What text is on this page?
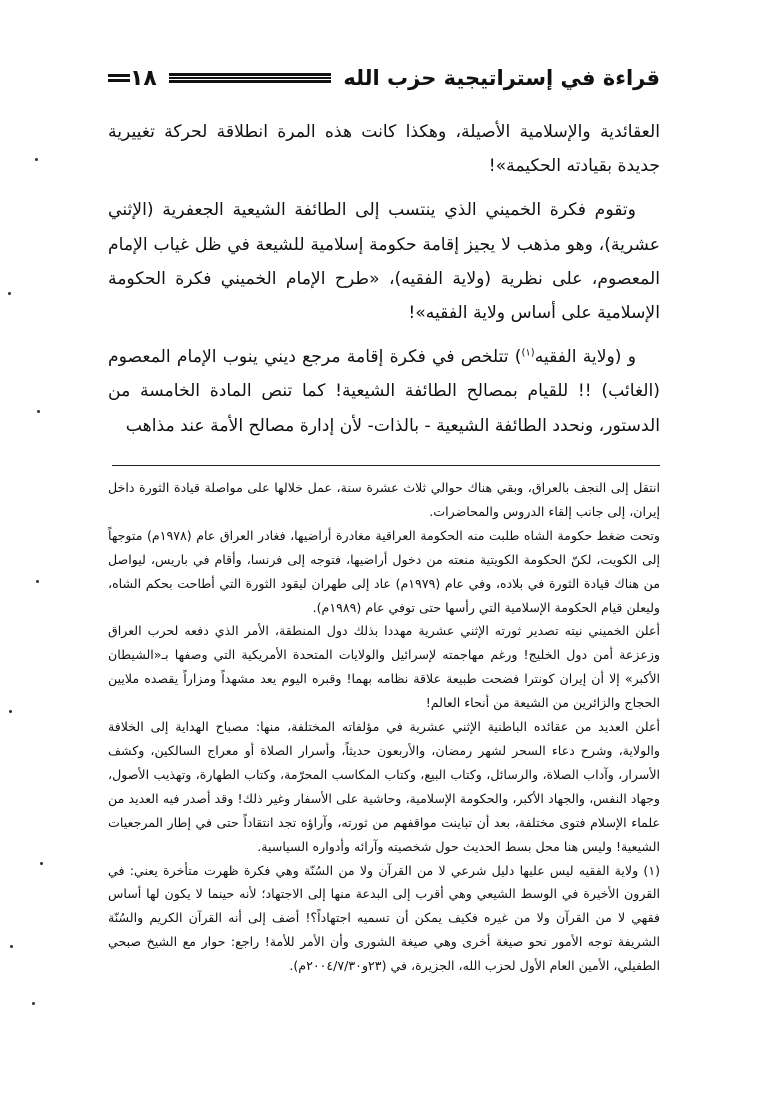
قراءة في إستراتيجية حزب الله
١٨

العقائدية والإسلامية الأصيلة، وهكذا كانت هذه المرة انطلاقة لحركة تغييرية جديدة بقيادته الحكيمة»!

وتقوم فكرة الخميني الذي ينتسب إلى الطائفة الشيعية الجعفرية (الإثني عشرية)، وهو مذهب لا يجيز إقامة حكومة إسلامية للشيعة في ظل غياب الإمام المعصوم، على نظرية (ولاية الفقيه)، «طرح الإمام الخميني فكرة الحكومة الإسلامية على أساس ولاية الفقيه»!

و (ولاية الفقيه$^{(١)}$) تتلخص في فكرة إقامة مرجع ديني ينوب الإمام المعصوم (الغائب) !! للقيام بمصالح الطائفة الشيعية! كما تنص المادة الخامسة من الدستور، ونحدد الطائفة الشيعية - بالذات- لأن إدارة مصالح الأمة عند مذاهب

انتقل إلى النجف بالعراق، وبقي هناك حوالي ثلاث عشرة سنة، عمل خلالها على مواصلة قيادة الثورة داخل إيران، إلى جانب إلقاء الدروس والمحاضرات.

وتحت ضغط حكومة الشاه طلبت منه الحكومة العراقية مغادرة أراضيها، فغادر العراق عام (١٩٧٨م) متوجهاً إلى الكويت، لكنّ الحكومة الكويتية منعته من دخول أراضيها، فتوجه إلى فرنسا، وأقام في باريس، ليواصل من هناك قيادة الثورة في بلاده، وفي عام (١٩٧٩م) عاد إلى طهران ليقود الثورة التي أطاحت بحكم الشاه، وليعلن قيام الحكومة الإسلامية التي رأسها حتى توفي عام (١٩٨٩م).

أعلن الخميني نيته تصدير ثورته الإثني عشرية مهددا بذلك دول المنطقة، الأمر الذي دفعه لحرب العراق وزعزعة أمن دول الخليج! ورغم مهاجمته لإسرائيل والولايات المتحدة الأمريكية التي وصفها بـ«الشيطان الأكبر» إلا أن إيران كونترا فضحت طبيعة علاقة نظامه بهما! وقبره اليوم يعد مشهداً ومزاراً يقصده ملايين الحجاج والزائرين من الشيعة من أنحاء العالم!

أعلن العديد من عقائده الباطنية الإثني عشرية في مؤلفاته المختلفة، منها: مصباح الهداية إلى الخلافة والولاية، وشرح دعاء السحر لشهر رمضان، والأربعون حديثاً، وأسرار الصلاة أو معراج السالكين، وكشف الأسرار، وآداب الصلاة، والرسائل، وكتاب البيع، وكتاب المكاسب المحرّمة، وكتاب الطهارة، وتهذيب الأصول، وجهاد النفس، والجهاد الأكبر، والحكومة الإسلامية، وحاشية على الأسفار وغير ذلك! وقد أصدر فيه العديد من علماء الإسلام فتوى مختلفة، بعد أن تباينت مواقفهم من ثورته، وآراؤه تجد انتقاداً حتى في إطار المرجعيات الشيعية! وليس هنا محل بسط الحديث حول شخصيته وآرائه وأدواره السياسية.

(١) ولاية الفقيه ليس عليها دليل شرعي لا من القرآن ولا من السُنّة وهي فكرة ظهرت متأخرة يعني: في القرون الأخيرة في الوسط الشيعي وهي أقرب إلى البدعة منها إلى الاجتهاد؛ لأنه حينما لا يكون لها أساس فقهي لا من القرآن ولا من غيره فكيف يمكن أن تسميه اجتهاداً؟! أضف إلى أنه القرآن الكريم والسُنّة الشريفة توجه الأمور نحو صيغة أخرى وهي صيغة الشورى وأن الأمر للأمة! راجع: حوار مع الشيخ صبحي الطفيلي، الأمين العام الأول لحزب الله، الجزيرة، في (٢٣و٢٠٠٤/٧/٣٠م).
